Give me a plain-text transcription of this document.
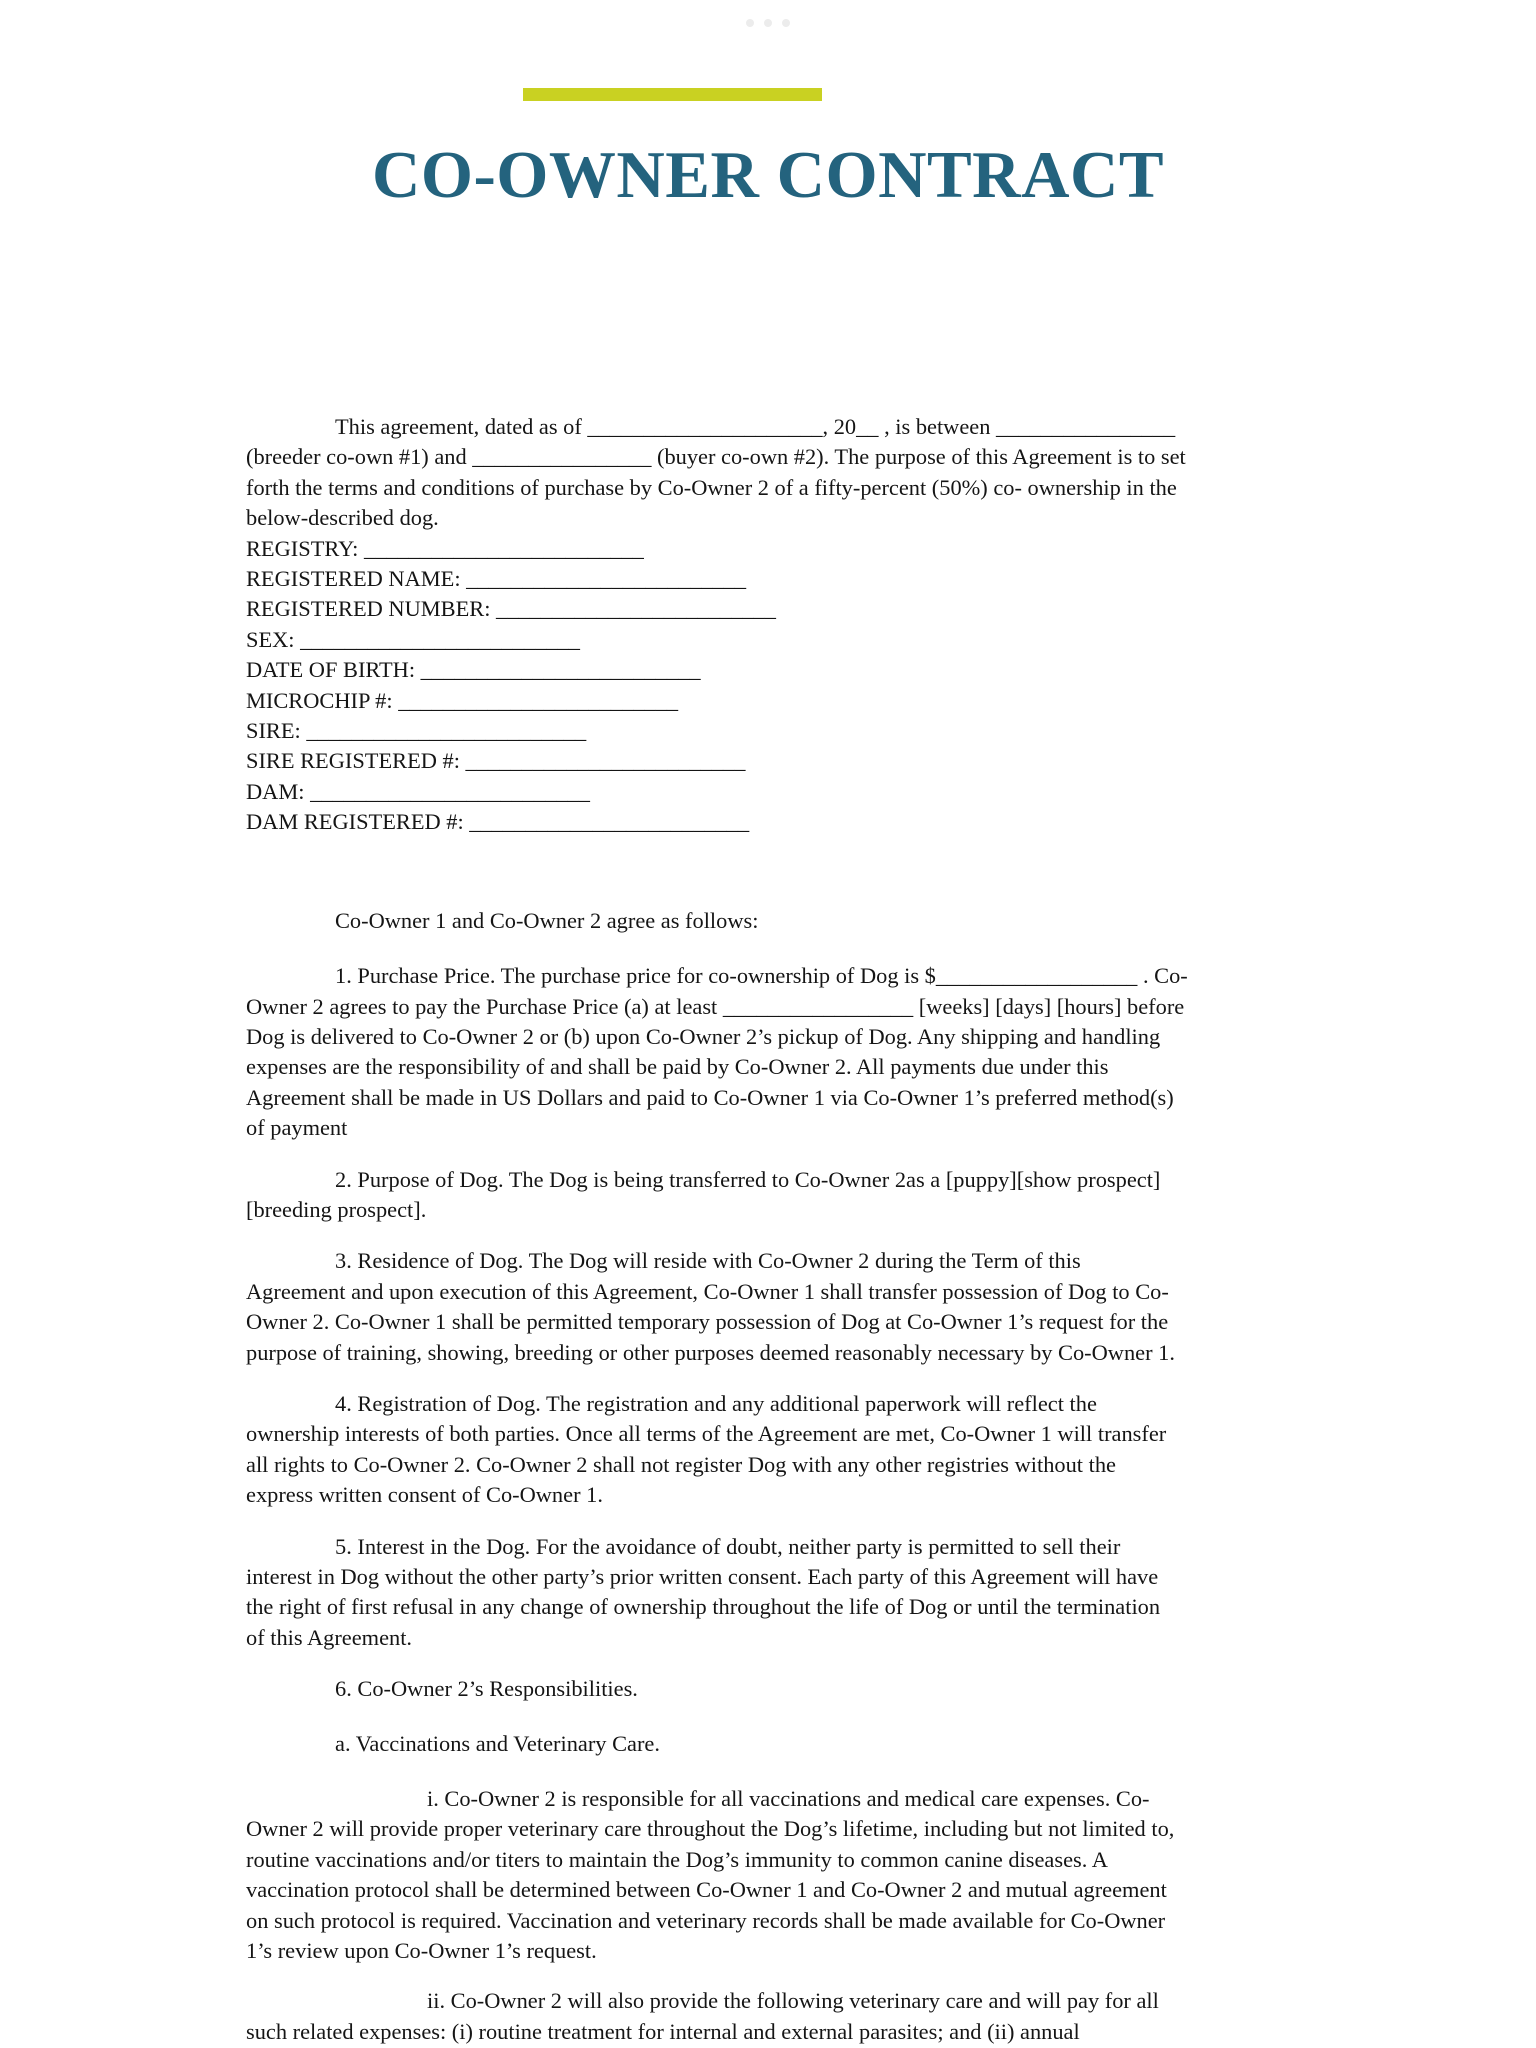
CO-OWNER CONTRACT

This agreement, dated as of _____________________, 20__ , is between ________________
(breeder co-own #1) and ________________ (buyer co-own #2). The purpose of this Agreement is to set
forth the terms and conditions of purchase by Co-Owner 2 of a fifty-percent (50%) co- ownership in the
below-described dog.

REGISTRY: _________________________
REGISTERED NAME: _________________________
REGISTERED NUMBER: _________________________
SEX: _________________________
DATE OF BIRTH: _________________________
MICROCHIP #: _________________________
SIRE: _________________________
SIRE REGISTERED #: _________________________
DAM: _________________________
DAM REGISTERED #: _________________________

Co-Owner 1 and Co-Owner 2 agree as follows:

1. Purchase Price. The purchase price for co-ownership of Dog is $__________________ . Co-
Owner 2 agrees to pay the Purchase Price (a) at least _________________ [weeks] [days] [hours] before
Dog is delivered to Co-Owner 2 or (b) upon Co-Owner 2’s pickup of Dog. Any shipping and handling
expenses are the responsibility of and shall be paid by Co-Owner 2. All payments due under this
Agreement shall be made in US Dollars and paid to Co-Owner 1 via Co-Owner 1’s preferred method(s)
of payment

2. Purpose of Dog. The Dog is being transferred to Co-Owner 2as a [puppy][show prospect]
[breeding prospect].

3. Residence of Dog. The Dog will reside with Co-Owner 2 during the Term of this
Agreement and upon execution of this Agreement, Co-Owner 1 shall transfer possession of Dog to Co-
Owner 2. Co-Owner 1 shall be permitted temporary possession of Dog at Co-Owner 1’s request for the
purpose of training, showing, breeding or other purposes deemed reasonably necessary by Co-Owner 1.

4. Registration of Dog. The registration and any additional paperwork will reflect the
ownership interests of both parties. Once all terms of the Agreement are met, Co-Owner 1 will transfer
all rights to Co-Owner 2. Co-Owner 2 shall not register Dog with any other registries without the
express written consent of Co-Owner 1.

5. Interest in the Dog. For the avoidance of doubt, neither party is permitted to sell their
interest in Dog without the other party’s prior written consent. Each party of this Agreement will have
the right of first refusal in any change of ownership throughout the life of Dog or until the termination
of this Agreement.

6. Co-Owner 2’s Responsibilities.

a. Vaccinations and Veterinary Care.

i. Co-Owner 2 is responsible for all vaccinations and medical care expenses. Co-
Owner 2 will provide proper veterinary care throughout the Dog’s lifetime, including but not limited to,
routine vaccinations and/or titers to maintain the Dog’s immunity to common canine diseases. A
vaccination protocol shall be determined between Co-Owner 1 and Co-Owner 2 and mutual agreement
on such protocol is required. Vaccination and veterinary records shall be made available for Co-Owner
1’s review upon Co-Owner 1’s request.

ii. Co-Owner 2 will also provide the following veterinary care and will pay for all
such related expenses: (i) routine treatment for internal and external parasites; and (ii) annual
